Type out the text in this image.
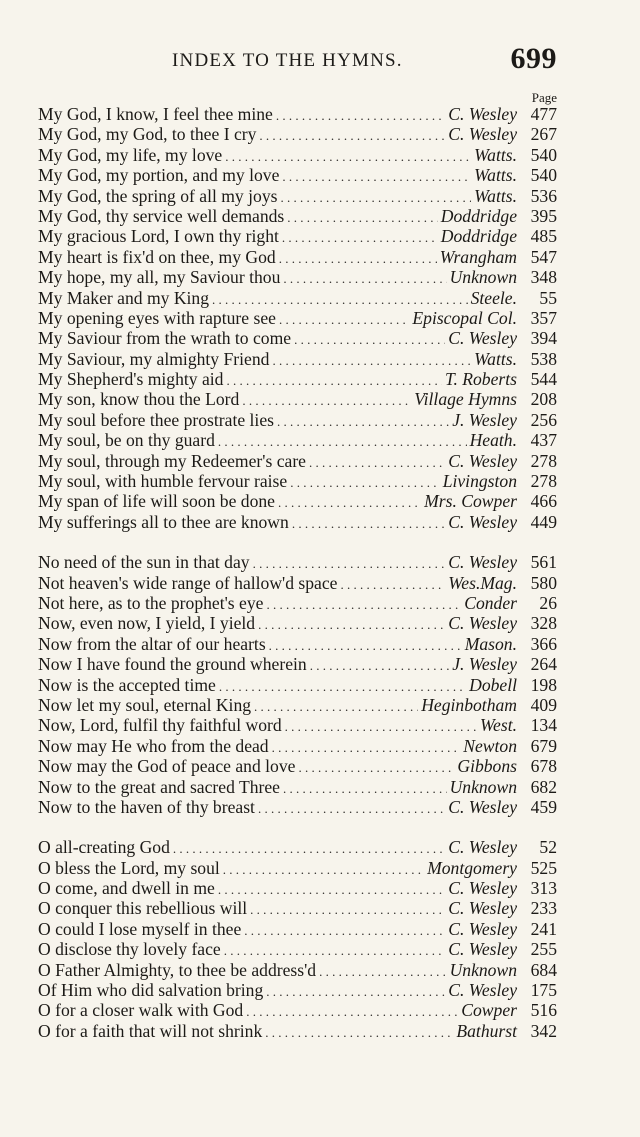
INDEX TO THE HYMNS.	699
Page
My God, I know, I feel thee mine . . .	C. Wesley 477
My God, my God, to thee I cry . . .	C. Wesley 267
My God, my life, my love . . .	Watts. 540
My God, my portion, and my love . . .	Watts. 540
My God, the spring of all my joys . . .	Watts. 536
My God, thy service well demands . . .	Doddridge 395
My gracious Lord, I own thy right . . .	Doddridge 485
My heart is fix'd on thee, my God . . .	Wrangham 547
My hope, my all, my Saviour thou . . .	Unknown 348
My Maker and my King . . .	Steele.	55
My opening eyes with rapture see . . .	Episcopal Col. 357
My Saviour from the wrath to come . . .	C. Wesley 394
My Saviour, my almighty Friend . . .	Watts. 538
My Shepherd's mighty aid . . .	T. Roberts 544
My son, know thou the Lord . . .	Village Hymns 208
My soul before thee prostrate lies . . .	J. Wesley 256
My soul, be on thy guard . . .	Heath. 437
My soul, through my Redeemer's care . . .	C. Wesley 278
My soul, with humble fervour raise . . .	Livingston 278
My span of life will soon be done . . .	Mrs. Cowper 466
My sufferings all to thee are known . . .	C. Wesley 449
No need of the sun in that day . . .	C. Wesley 561
Not heaven's wide range of hallow'd space . . .	Wes.Mag. 580
Not here, as to the prophet's eye . . .	Conder	26
Now, even now, I yield, I yield . . .	C. Wesley 328
Now from the altar of our hearts . . .	Mason. 366
Now I have found the ground wherein . . .	J. Wesley 264
Now is the accepted time . . .	Dobell 198
Now let my soul, eternal King . . .	Heginbotham 409
Now, Lord, fulfil thy faithful word . . .	West. 134
Now may He who from the dead . . .	Newton 679
Now may the God of peace and love . . .	Gibbons 678
Now to the great and sacred Three . . .	Unknown 682
Now to the haven of thy breast . . .	C. Wesley 459
O all-creating God . . .	C. Wesley	52
O bless the Lord, my soul . . .	Montgomery 525
O come, and dwell in me . . .	C. Wesley 313
O conquer this rebellious will . . .	C. Wesley 233
O could I lose myself in thee . . .	C. Wesley 241
O disclose thy lovely face . . .	C. Wesley 255
O Father Almighty, to thee be address'd . . .	Unknown 684
Of Him who did salvation bring . . .	C. Wesley 175
O for a closer walk with God . . .	Cowper 516
O for a faith that will not shrink . . .	Bathurst 342
